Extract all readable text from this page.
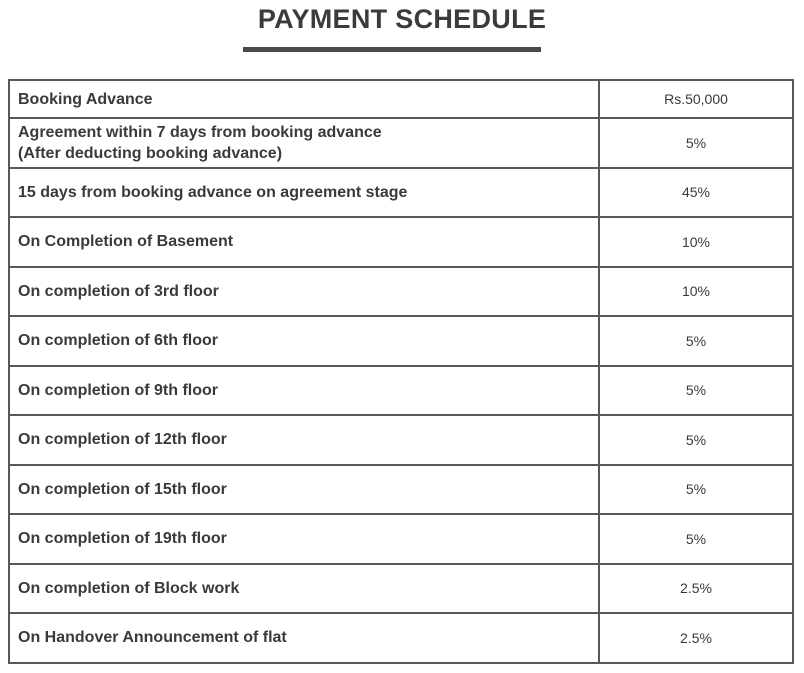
PAYMENT SCHEDULE
Booking Advance	Rs.50,000
Agreement within 7 days from booking advance
(After deducting booking advance)	5%
15 days from booking advance on agreement stage	45%
On Completion of Basement	10%
On completion of 3rd floor	10%
On completion of 6th floor	5%
On completion of 9th floor	5%
On completion of 12th floor	5%
On completion of 15th floor	5%
On completion of 19th floor	5%
On completion of Block work	2.5%
On Handover Announcement of flat	2.5%
